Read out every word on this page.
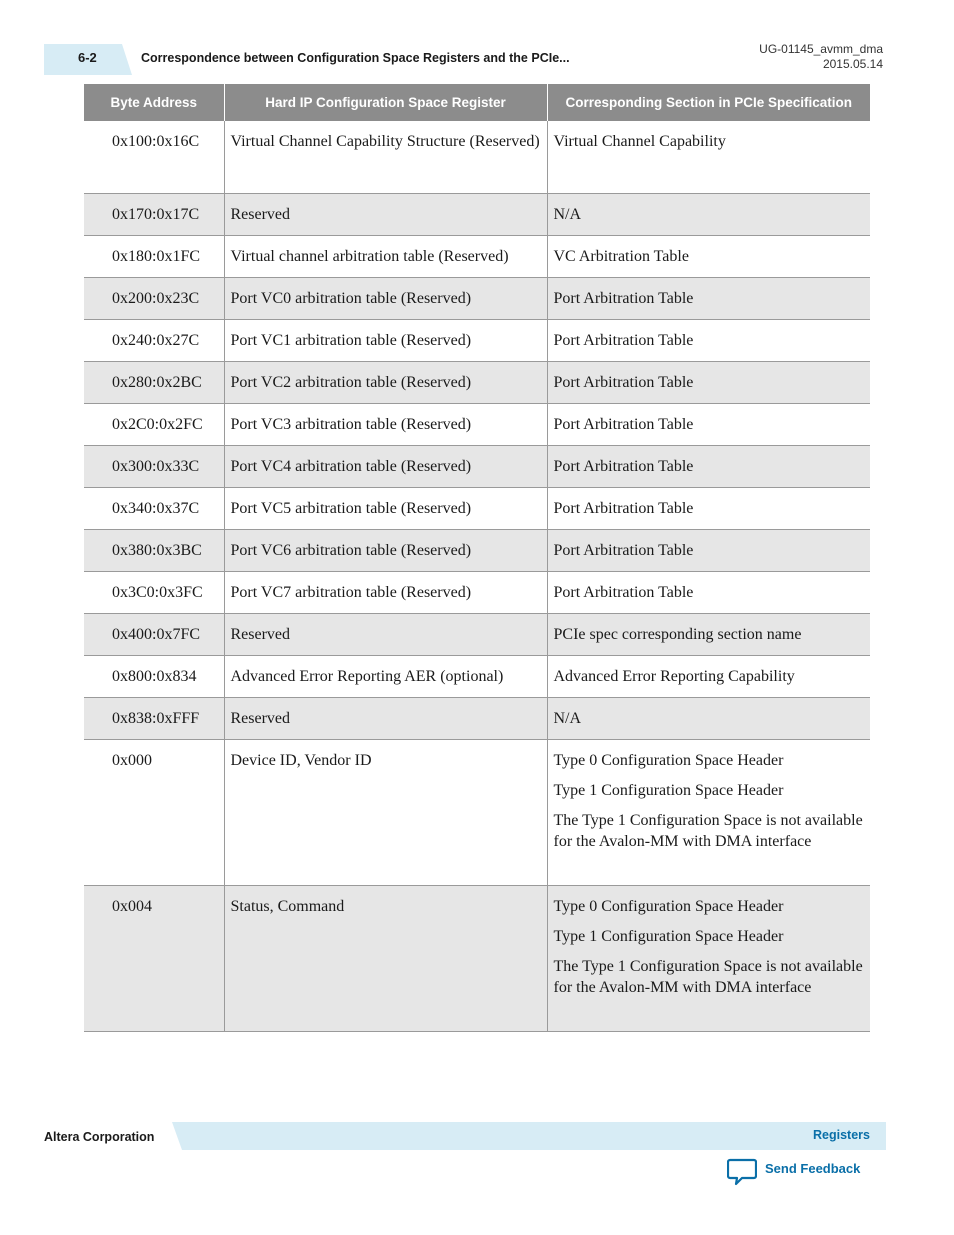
6-2	Correspondence between Configuration Space Registers and the PCIe...
UG-01145_avmm_dma
2015.05.14
Byte Address	Hard IP Configuration Space Register	Corresponding Section in PCIe Specification
0x100:0x16C	Virtual Channel Capability Structure (Reserved)	Virtual Channel Capability

0x170:0x17C	Reserved	N/A

0x180:0x1FC	Virtual channel arbitration table (Reserved)	VC Arbitration Table

0x200:0x23C	Port VC0 arbitration table (Reserved)	Port Arbitration Table

0x240:0x27C	Port VC1 arbitration table (Reserved)	Port Arbitration Table

0x280:0x2BC	Port VC2 arbitration table (Reserved)	Port Arbitration Table

0x2C0:0x2FC	Port VC3 arbitration table (Reserved)	Port Arbitration Table

0x300:0x33C	Port VC4 arbitration table (Reserved)	Port Arbitration Table

0x340:0x37C	Port VC5 arbitration table (Reserved)	Port Arbitration Table

0x380:0x3BC	Port VC6 arbitration table (Reserved)	Port Arbitration Table

0x3C0:0x3FC	Port VC7 arbitration table (Reserved)	Port Arbitration Table

0x400:0x7FC	Reserved	PCIe spec corresponding section name

0x800:0x834	Advanced Error Reporting AER (optional)	Advanced Error Reporting Capability

0x838:0xFFF	Reserved	N/A

0x000	Device ID, Vendor ID	Type 0 Configuration Space Header
Type 1 Configuration Space Header
The Type 1 Configuration Space is not available for the Avalon-MM with DMA interface

0x004	Status, Command	Type 0 Configuration Space Header
Type 1 Configuration Space Header
The Type 1 Configuration Space is not available for the Avalon-MM with DMA interface
Altera Corporation	Registers
Send Feedback
